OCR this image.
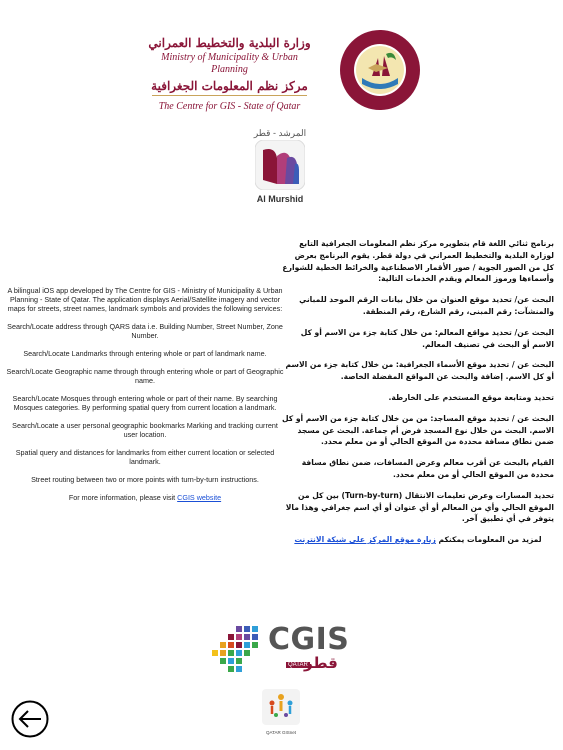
وزارة البلدية والتخطيط العمراني
Ministry of Municipality & Urban Planning
مركز نظم المعلومات الجغرافية
The Centre for GIS - State of Qatar
المرشد - قطر
Al Murshid

A bilingual iOS app developed by The Centre for GIS - Ministry of Municipality & Urban Planning - State of Qatar. The application displays Aerial/Satellite imagery and vector maps for streets, street names, landmark symbols and provides the following services:

Search/Locate address through QARS data i.e. Building Number, Street Number, Zone Number.

Search/Locate Landmarks through entering whole or part of landmark name.

Search/Locate Geographic name through through entering whole or part of Geographic name.

Search/Locate Mosques through entering whole or part of their name. By searching Mosques categories. By performing spatial query from current location a landmark.

Search/Locate a user personal geographic bookmarks Marking and tracking current user location.

Spatial query and distances for landmarks from either current location or selected landmark.

Street routing between two or more points with turn-by-turn instructions.

For more information, please visit CGIS website

برنامج ثنائي اللغة قام بتطويره مركز نظم المعلومات الجغرافية التابع لوزارة البلدية والتخطيط العمراني في دولة قطر. يقوم البرنامج بعرض كل من الصور الجوية / صور الأقمار الاصطناعية والخرائط الخطية للشوارع وأسماءها ورموز المعالم ويقدم الخدمات التالية:

البحث عن/ تحديد موقع العنوان من خلال بيانات الرقم الموحد للمباني والمنشآت: رقم المبنى، رقم الشارع، رقم المنطقة.

البحث عن/ تحديد مواقع المعالم: من خلال كتابة جزء من الاسم أو كل الاسم أو البحث في تصنيف المعالم.

البحث عن / تحديد موقع الأسماء الجغرافية: من خلال كتابة جزء من الاسم أو كل الاسم. إضافة والبحث عن المواقع المفضلة الخاصة.

تحديد ومتابعة موقع المستخدم على الخارطة.

البحث عن / تحديد موقع المساجد: من من خلال كتابة جزء من الاسم أو كل الاسم. البحث من خلال نوع المسجد فرض أم جماعة. البحث عن مسجد ضمن نطاق مسافة محددة من الموقع الحالي أو من معلم محدد.

القيام بالبحث عن أقرب معالم وعرض المسافات، ضمن نطاق مسافة محددة من الموقع الحالي أو من معلم محدد.

تحديد المسارات وعرض تعليمات الانتقال (Turn-by-turn) بين كل من الموقع الحالي وأي من المعالم أو أي عنوان أو أي اسم جغرافي وهذا مالا يتوفر في أي تطبيق آخر.

لمزيد من المعلومات يمكنكم زيارة موقع المركز على شبكة الانترنت

CGIS
QATAR
قطر
QATAR GISnet
